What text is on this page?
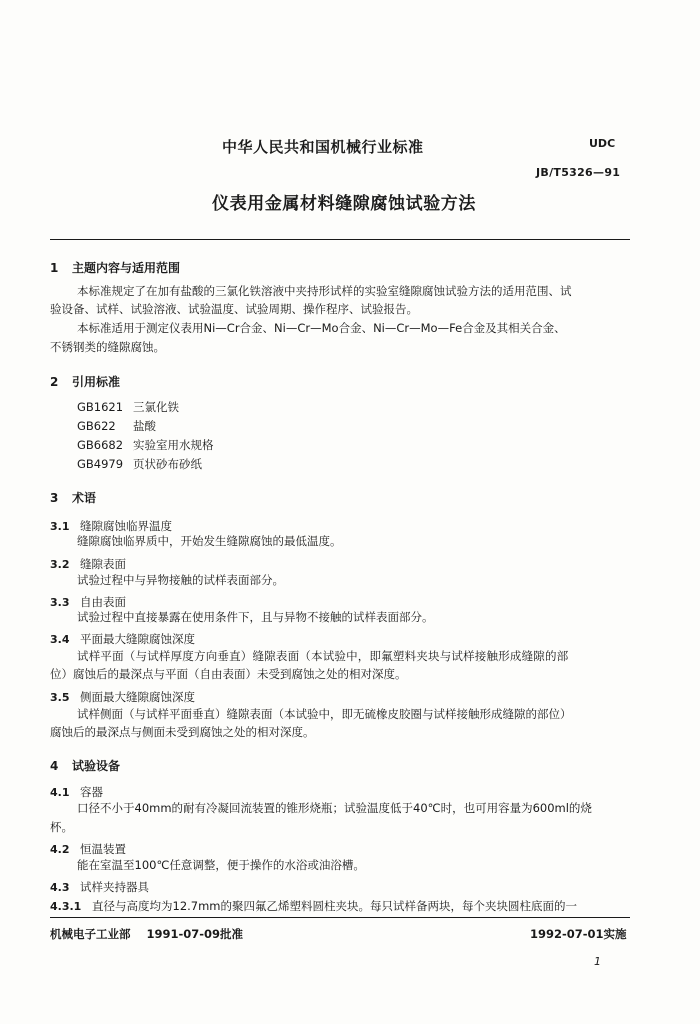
中华人民共和国机械行业标准	UDC
JB/T5326—91
仪表用金属材料缝隙腐蚀试验方法
1 主题内容与适用范围
本标准规定了在加有盐酸的三氯化铁溶液中夹持形试样的实验室缝隙腐蚀试验方法的适用范围、试
验设备、试样、试验溶液、试验温度、试验周期、操作程序、试验报告。
本标准适用于测定仪表用Ni—Cr合金、Ni—Cr—Mo合金、Ni—Cr—Mo—Fe合金及其相关合金、
不锈钢类的缝隙腐蚀。
2 引用标准
GB1621 三氯化铁
GB622 盐酸
GB6682 实验室用水规格
GB4979 页状砂布砂纸
3 术语
3.1 缝隙腐蚀临界温度
缝隙腐蚀临界质中，开始发生缝隙腐蚀的最低温度。
3.2 缝隙表面
试验过程中与异物接触的试样表面部分。
3.3 自由表面
试验过程中直接暴露在使用条件下，且与异物不接触的试样表面部分。
3.4 平面最大缝隙腐蚀深度
试样平面（与试样厚度方向垂直）缝隙表面（本试验中，即氟塑料夹块与试样接触形成缝隙的部
位）腐蚀后的最深点与平面（自由表面）未受到腐蚀之处的相对深度。
3.5 侧面最大缝隙腐蚀深度
试样侧面（与试样平面垂直）缝隙表面（本试验中，即无硫橡皮胶圈与试样接触形成缝隙的部位）
腐蚀后的最深点与侧面未受到腐蚀之处的相对深度。
4 试验设备
4.1 容器
口径不小于40mm的耐有冷凝回流装置的锥形烧瓶；试验温度低于40℃时，也可用容量为600ml的烧
杯。
4.2 恒温装置
能在室温至100℃任意调整，便于操作的水浴或油浴槽。
4.3 试样夹持器具
4.3.1 直径与高度均为12.7mm的聚四氟乙烯塑料圆柱夹块。每只试样备两块，每个夹块圆柱底面的一
机械电子工业部 1991-07-09批准	1992-07-01实施
1
